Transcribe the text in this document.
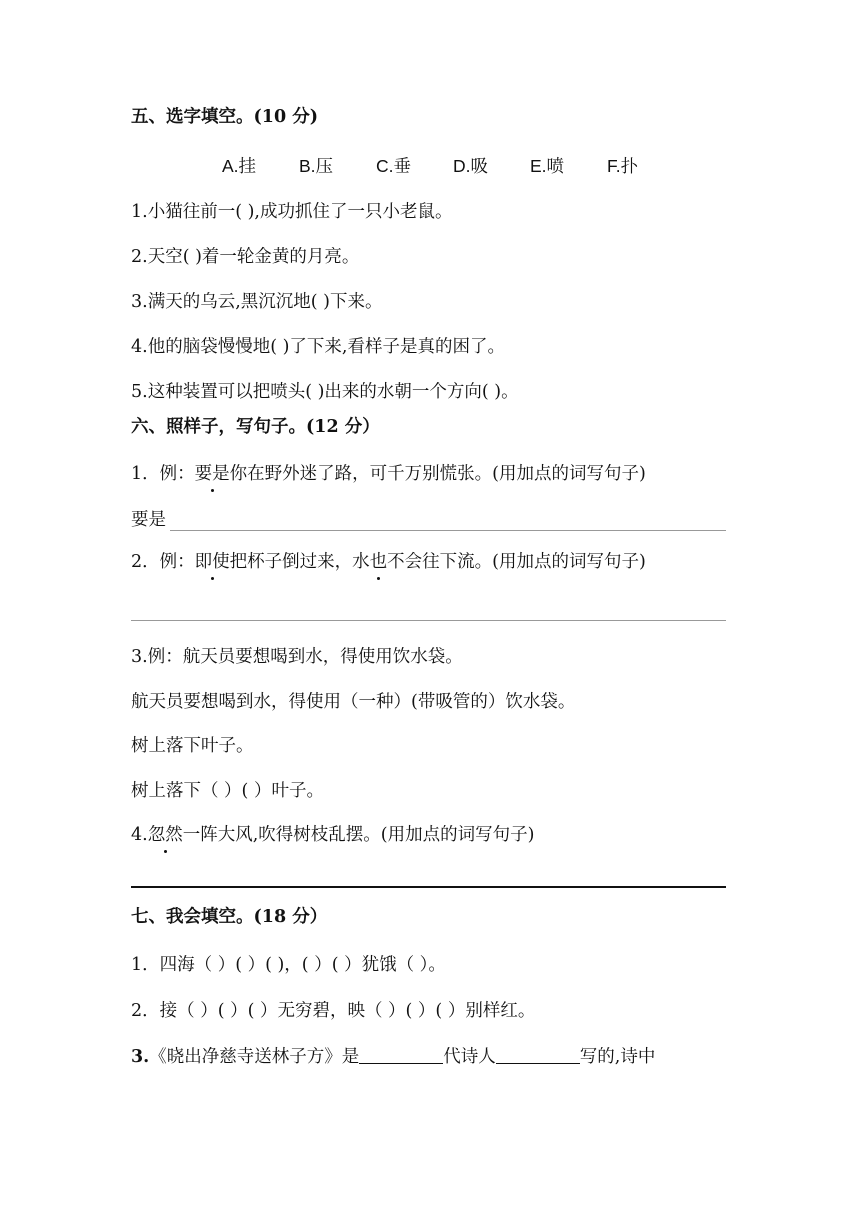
五、选字填空。(10 分)
A.挂 B.压 C.垂 D.吸 E.喷 F.扑
1.小猫往前一( ),成功抓住了一只小老鼠。
2.天空( )着一轮金黄的月亮。
3.满天的乌云,黑沉沉地( )下来。
4.他的脑袋慢慢地( )了下来,看样子是真的困了。
5.这种装置可以把喷头( )出来的水朝一个方向( )。
六、照样子，写句子。(12 分）
1．例：要是你在野外迷了路，可千万别慌张。(用加点的词写句子)
要是
2．例：即使把杯子倒过来，水也不会往下流。(用加点的词写句子)
3.例：航天员要想喝到水，得使用饮水袋。
航天员要想喝到水，得使用（一种）(带吸管的）饮水袋。
树上落下叶子。
树上落下（ ）( ）叶子。
4.忽然一阵大风,吹得树枝乱摆。(用加点的词写句子)
七、我会填空。(18 分）
1．四海（ ）( ）( )，( ）( ）犹饿（ ）。
2．接（ ）( ）( ）无穷碧，映（ ）( ）( ）别样红。
3.《晓出净慈寺送林子方》是	代诗人	写的,诗中
